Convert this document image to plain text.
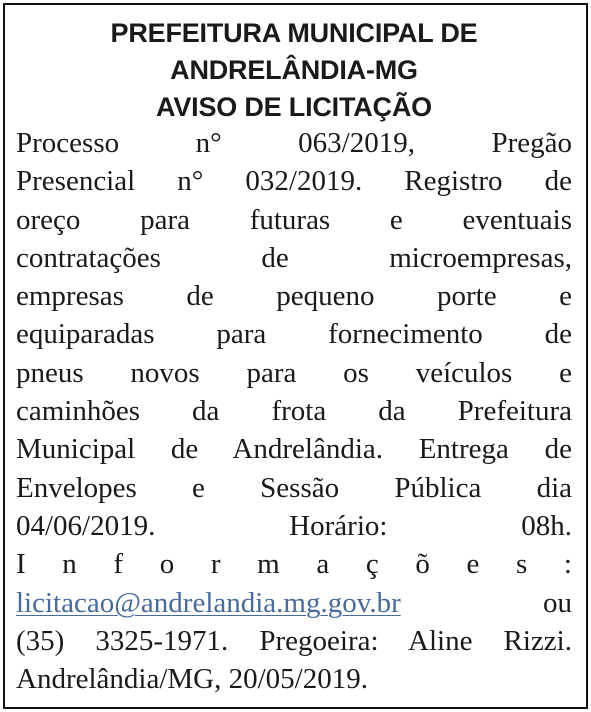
PREFEITURA MUNICIPAL DE
ANDRELÂNDIA-MG
AVISO DE LICITAÇÃO
Processo n° 063/2019, Pregão
Presencial n° 032/2019. Registro de
oreço para futuras e eventuais
contratações de microempresas,
empresas de pequeno porte e
equiparadas para fornecimento de
pneus novos para os veículos e
caminhões da frota da Prefeitura
Municipal de Andrelândia. Entrega de
Envelopes e Sessão Pública dia
04/06/2019. Horário: 08h.
I n f o r m a ç õ e s :
licitacao@andrelandia.mg.gov.br	ou
(35) 3325-1971. Pregoeira: Aline Rizzi.
Andrelândia/MG, 20/05/2019.
